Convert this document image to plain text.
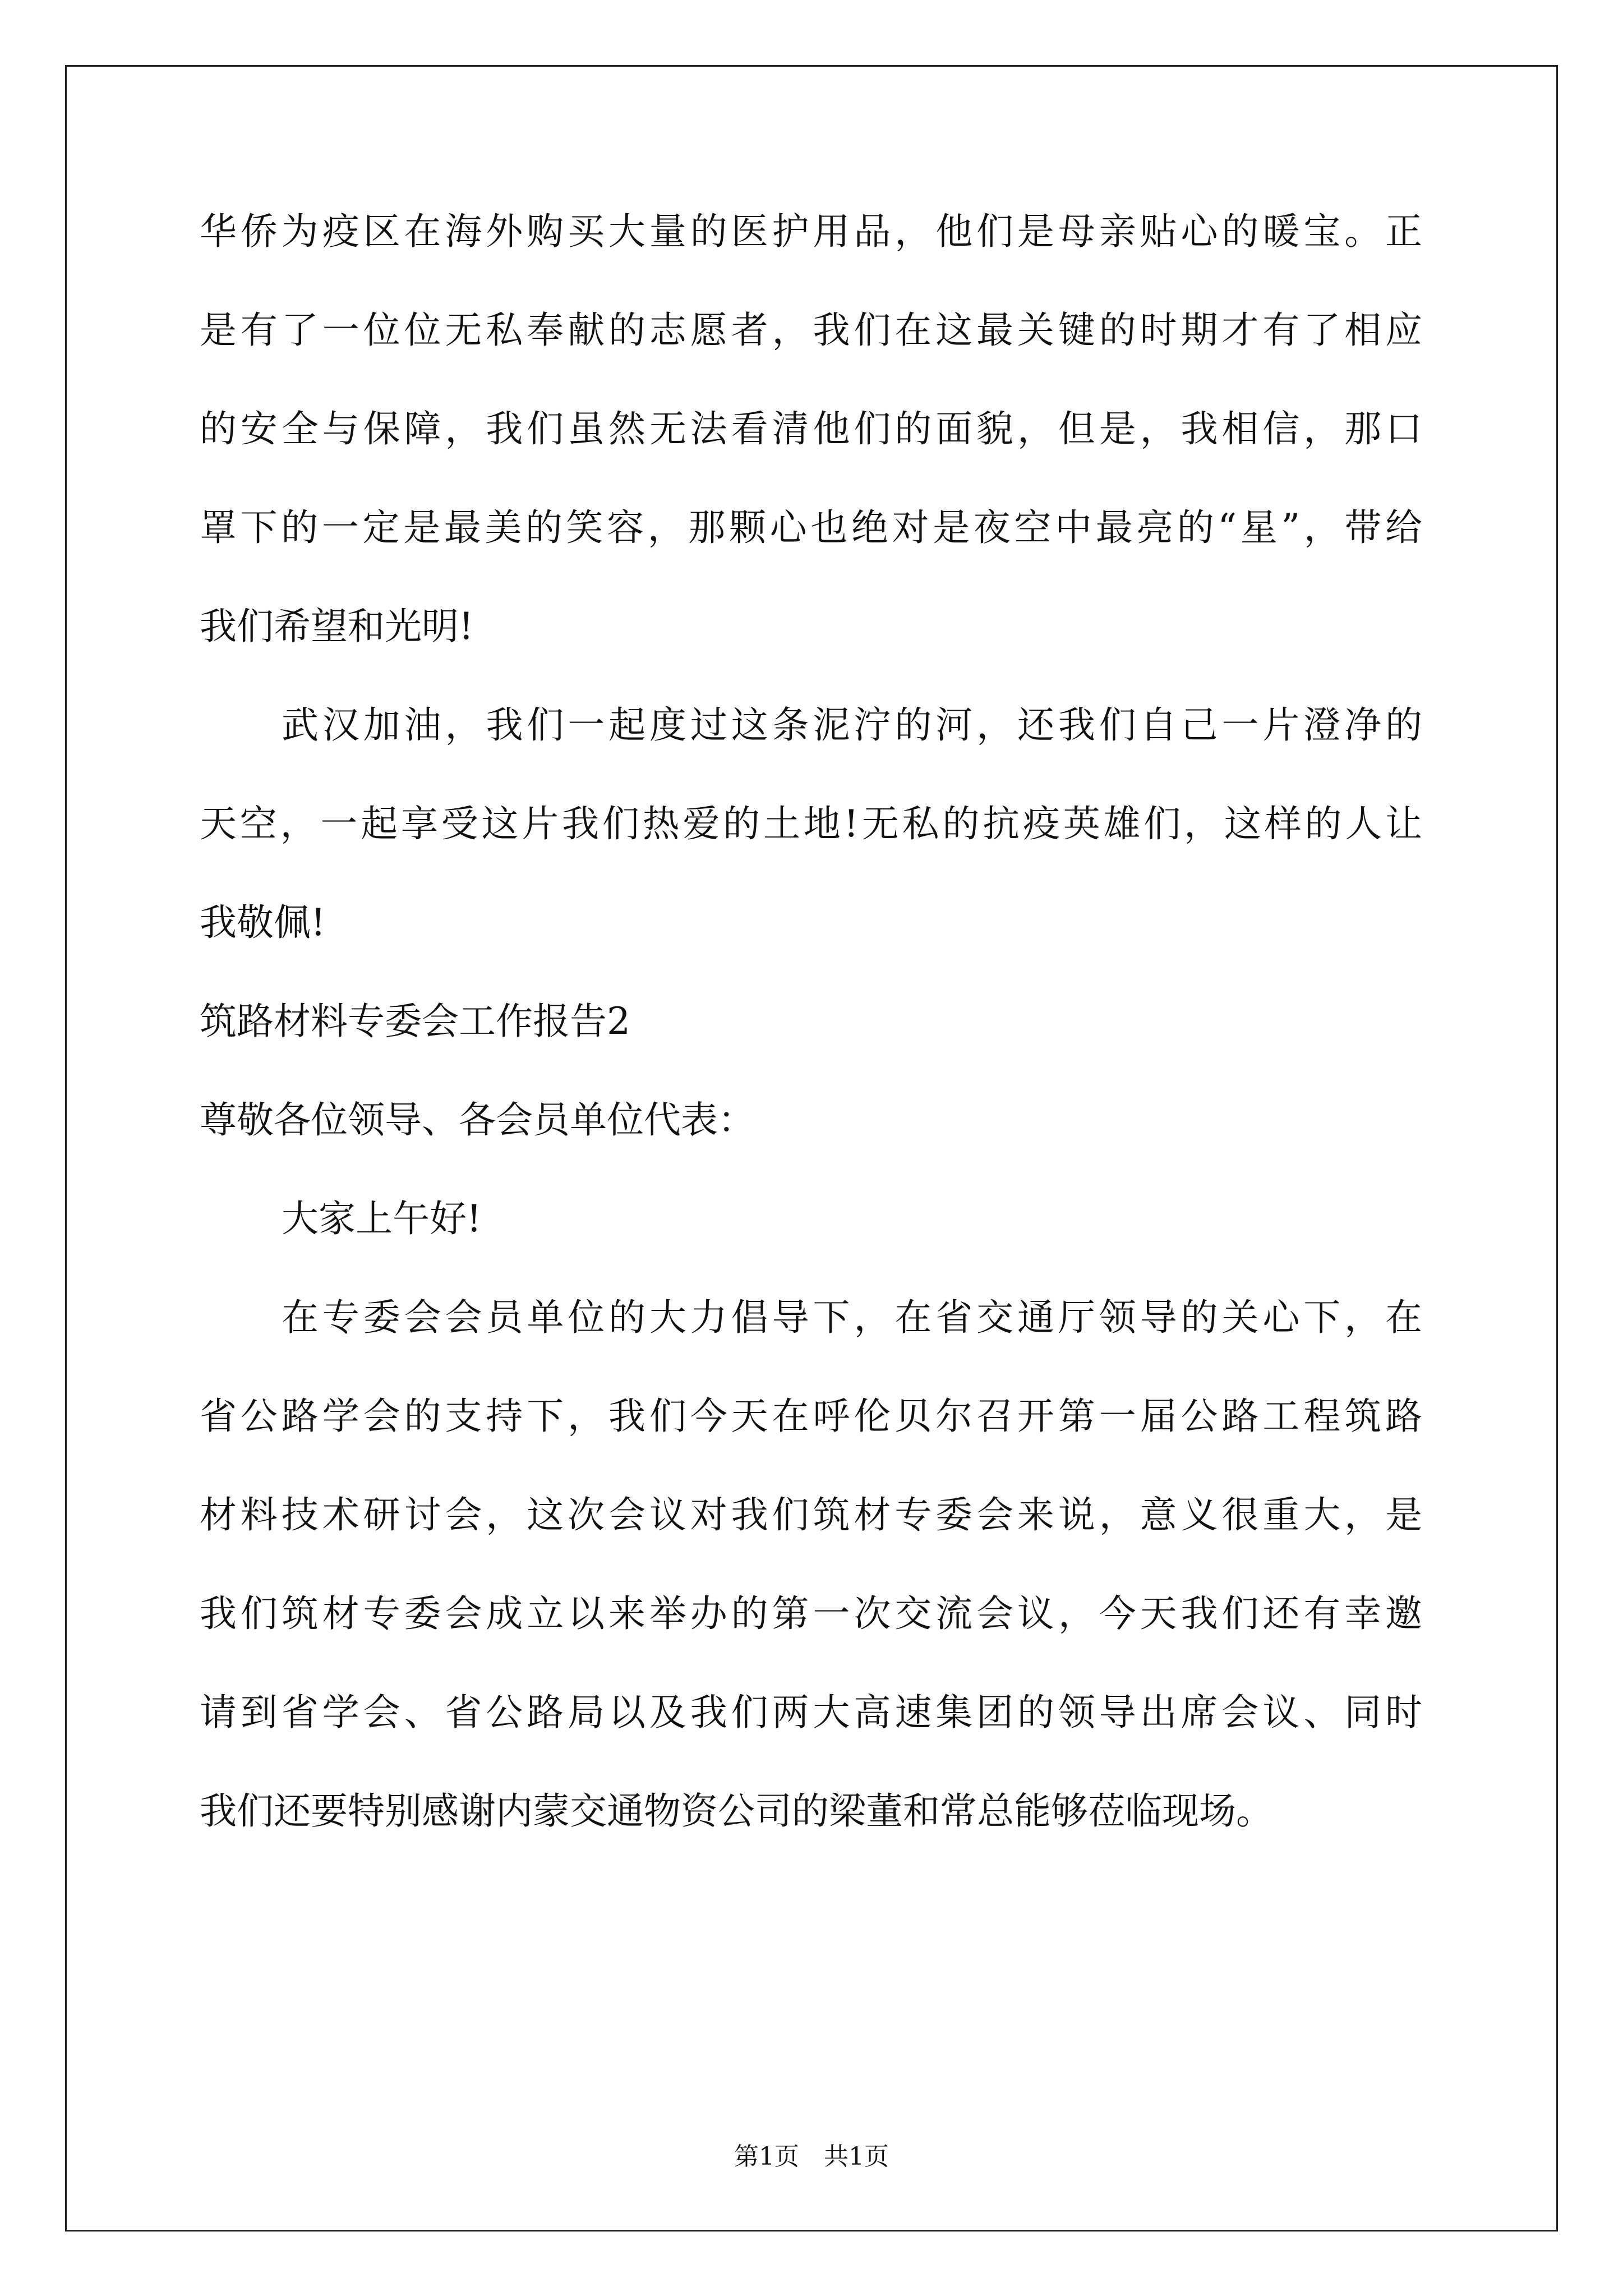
华侨为疫区在海外购买大量的医护用品，他们是母亲贴心的暖宝。正
是有了一位位无私奉献的志愿者，我们在这最关键的时期才有了相应
的安全与保障，我们虽然无法看清他们的面貌，但是，我相信，那口
罩下的一定是最美的笑容，那颗心也绝对是夜空中最亮的“星”，带给
我们希望和光明!
武汉加油，我们一起度过这条泥泞的河，还我们自己一片澄净的
天空，一起享受这片我们热爱的土地!无私的抗疫英雄们，这样的人让
我敬佩!
筑路材料专委会工作报告2
尊敬各位领导、各会员单位代表：
大家上午好!
在专委会会员单位的大力倡导下，在省交通厅领导的关心下，在
省公路学会的支持下，我们今天在呼伦贝尔召开第一届公路工程筑路
材料技术研讨会，这次会议对我们筑材专委会来说，意义很重大，是
我们筑材专委会成立以来举办的第一次交流会议，今天我们还有幸邀
请到省学会、省公路局以及我们两大高速集团的领导出席会议、同时
我们还要特别感谢内蒙交通物资公司的梁董和常总能够莅临现场。
第1页　共1页
